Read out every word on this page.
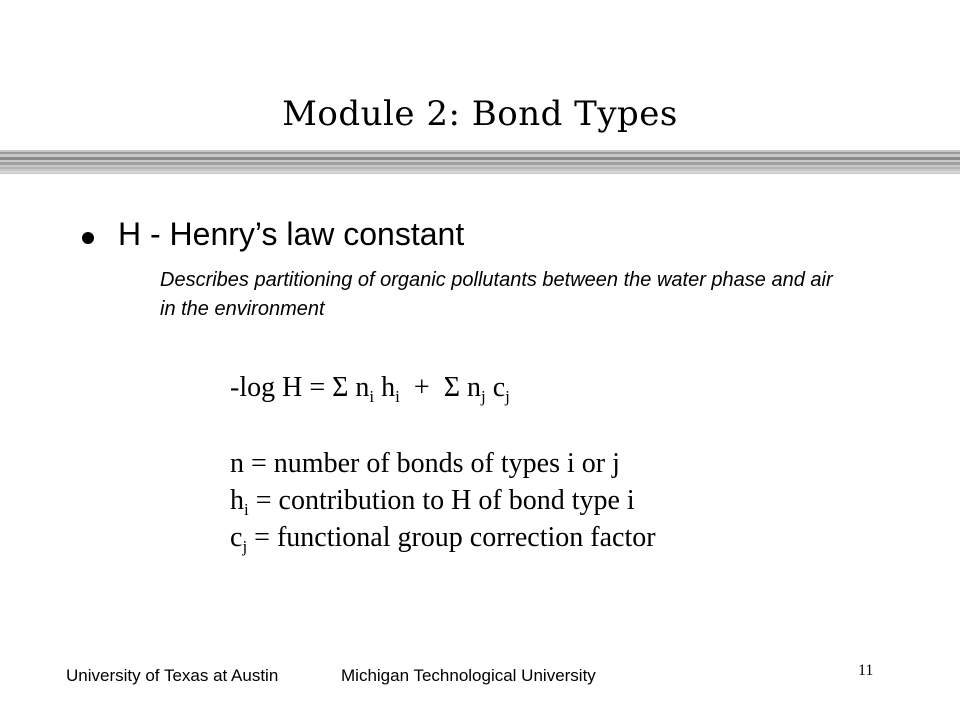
Module 2: Bond Types
H - Henry’s law constant
Describes partitioning of organic pollutants between the water phase and air in the environment
-log H = Σ $n_i$ $h_i + \Sigma$ $n_j$ $c_j$
n = number of bonds of types i or j
$h_i$ = contribution to H of bond type i
$c_j$ = functional group correction factor
University of Texas at Austin	Michigan Technological University	11
